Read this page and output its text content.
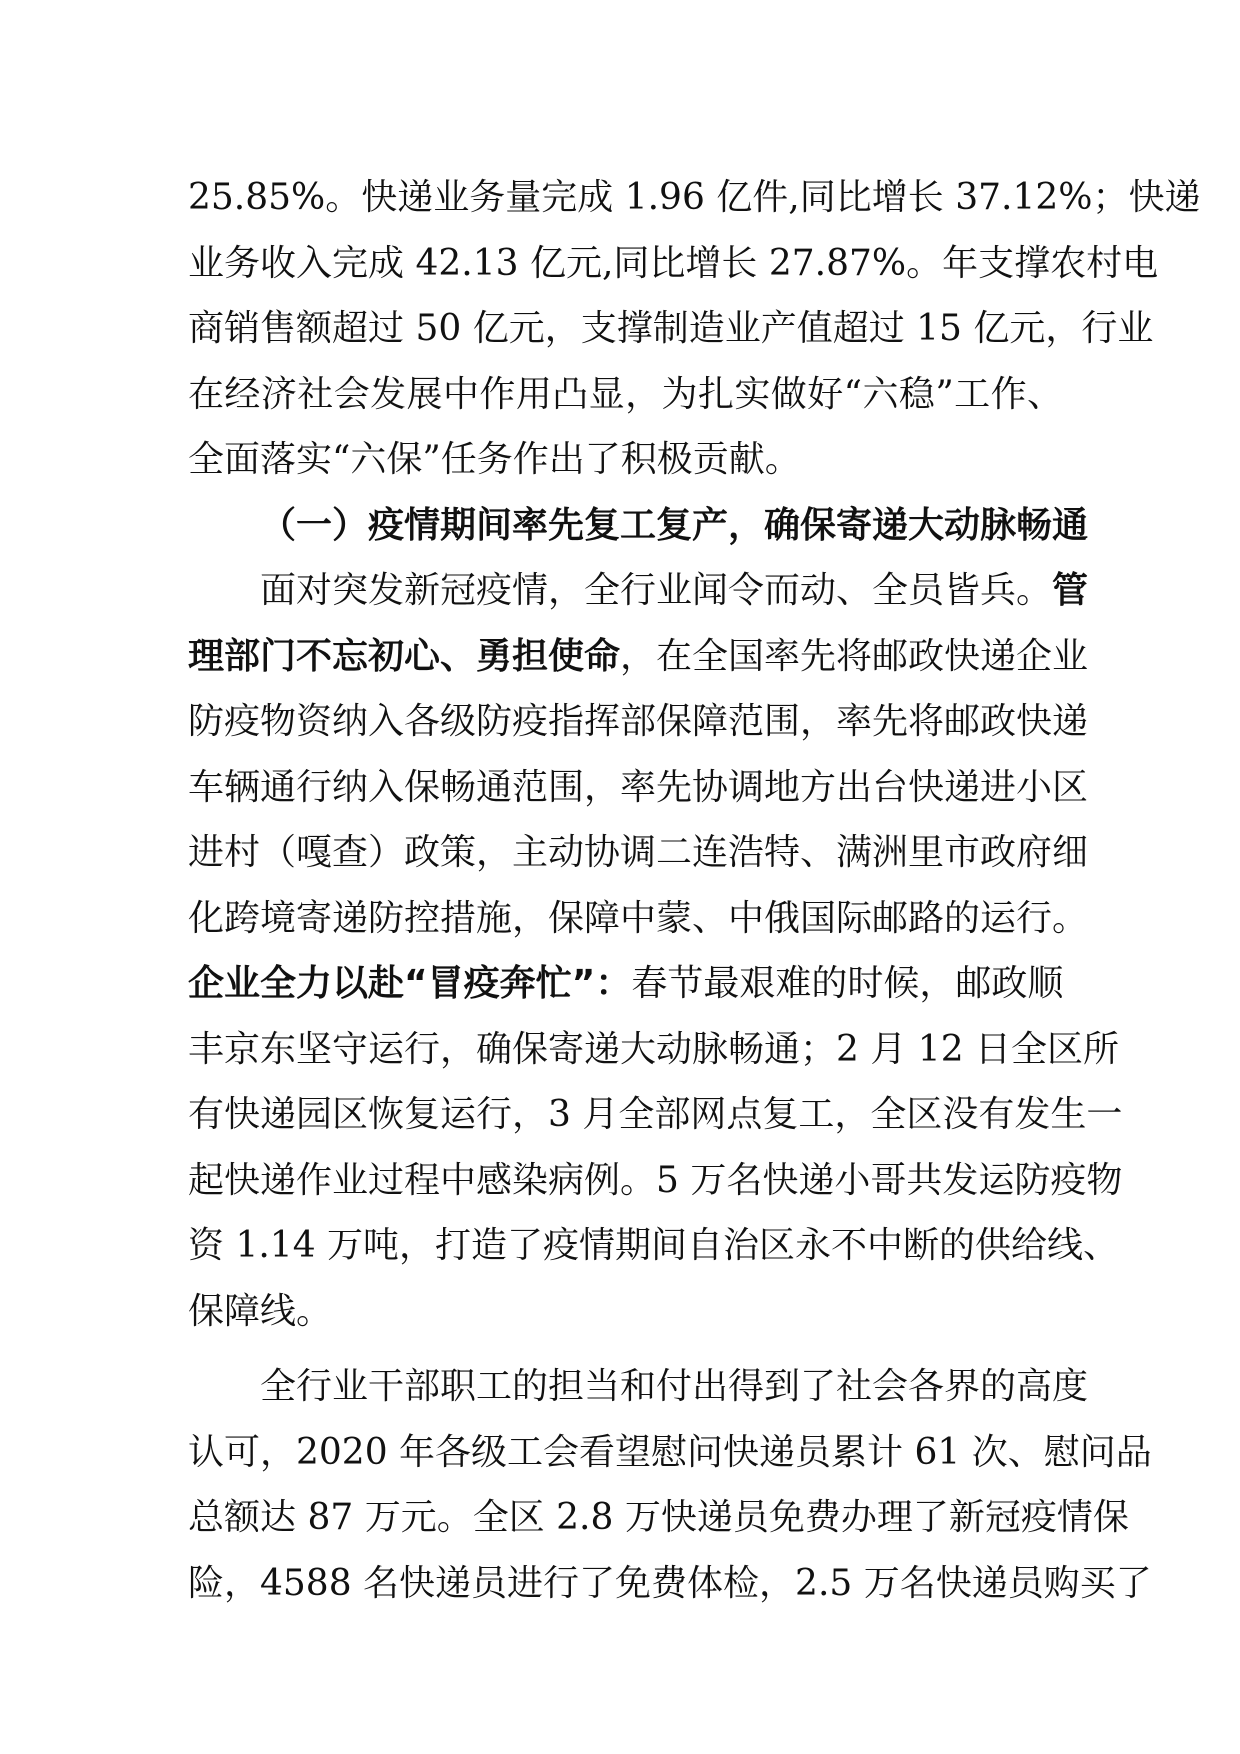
25.85%。快递业务量完成 1.96 亿件,同比增长 37.12%；快递
业务收入完成 42.13 亿元,同比增长 27.87%。年支撑农村电
商销售额超过 50 亿元，支撑制造业产值超过 15 亿元，行业
在经济社会发展中作用凸显，为扎实做好“六稳”工作、
全面落实“六保”任务作出了积极贡献。
（一）疫情期间率先复工复产，确保寄递大动脉畅通
面对突发新冠疫情，全行业闻令而动、全员皆兵。管
理部门不忘初心、勇担使命，在全国率先将邮政快递企业
防疫物资纳入各级防疫指挥部保障范围，率先将邮政快递
车辆通行纳入保畅通范围，率先协调地方出台快递进小区
进村（嘎查）政策，主动协调二连浩特、满洲里市政府细
化跨境寄递防控措施，保障中蒙、中俄国际邮路的运行。
企业全力以赴“冒疫奔忙”：春节最艰难的时候，邮政顺
丰京东坚守运行，确保寄递大动脉畅通；2 月 12 日全区所
有快递园区恢复运行，3 月全部网点复工，全区没有发生一
起快递作业过程中感染病例。5 万名快递小哥共发运防疫物
资 1.14 万吨，打造了疫情期间自治区永不中断的供给线、
保障线。
全行业干部职工的担当和付出得到了社会各界的高度
认可，2020 年各级工会看望慰问快递员累计 61 次、慰问品
总额达 87 万元。全区 2.8 万快递员免费办理了新冠疫情保
险，4588 名快递员进行了免费体检，2.5 万名快递员购买了
